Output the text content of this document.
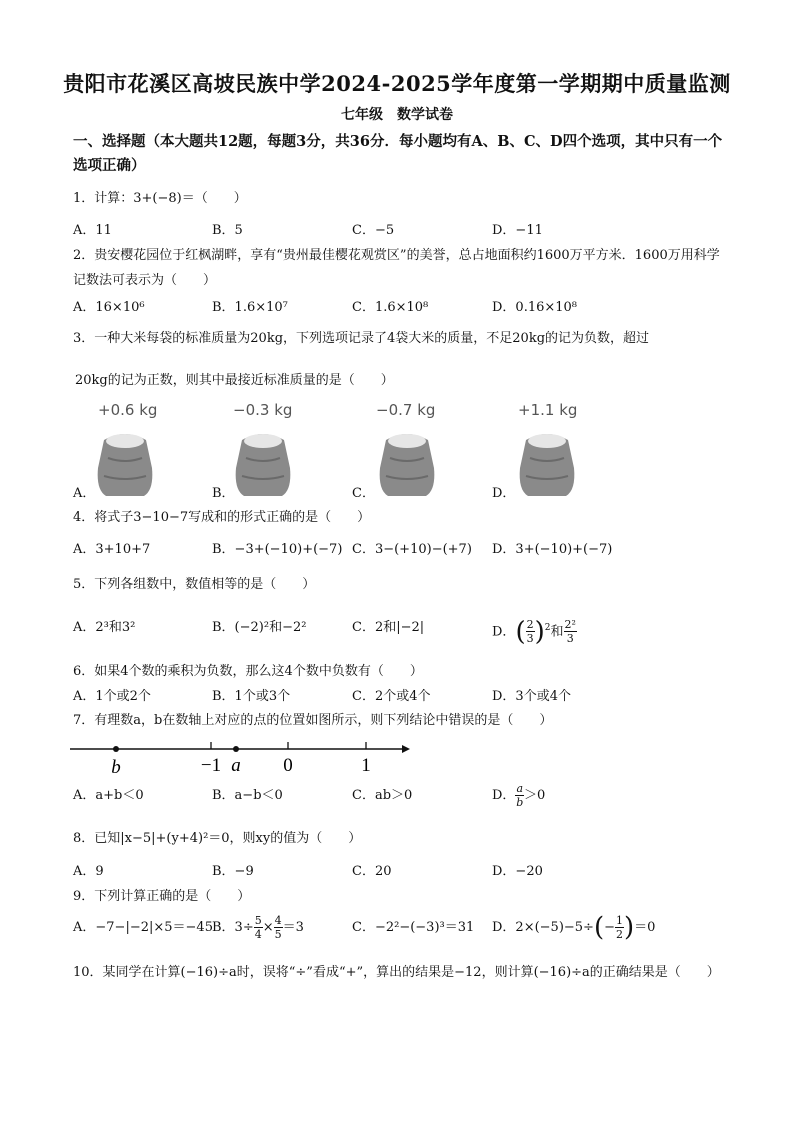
贵阳市花溪区高坡民族中学2024-2025学年度第一学期期中质量监测
七年级　数学试卷
一、选择题（本大题共12题，每题3分，共36分．每小题均有A、B、C、D四个选项，其中只有一个选项正确）
1．计算：3+(−8)＝（　　）
A．11	B．5	C．−5	D．−11
2．贵安樱花园位于红枫湖畔，享有“贵州最佳樱花观赏区”的美誉，总占地面积约1600万平方米．1600万用科学记数法可表示为（　　）
A．16×10⁶	B．1.6×10⁷	C．1.6×10⁸	D．0.16×10⁸
3．一种大米每袋的标准质量为20kg，下列选项记录了4袋大米的质量，不足20kg的记为负数，超过
20kg的记为正数，则其中最接近标准质量的是（　　）
+0.6 kg	−0.3 kg	−0.7 kg	+1.1 kg
A．	B．	C．	D．
4．将式子3−10−7写成和的形式正确的是（　　）
A．3+10+7	B．−3+(−10)+(−7) C．3−(+10)−(+7) D．3+(−10)+(−7)
5．下列各组数中，数值相等的是（　　）
A．2³和3²	B．(−2)²和−2²	C．2和|−2|	D．( $\frac{2}{3} )^2$和 $\frac{\text{2²}}{3}$
6．如果4个数的乘积为负数，那么这4个数中负数有（　　）
A．1个或2个	B．1个或3个	C．2个或4个	D．3个或4个
7．有理数a，b在数轴上对应的点的位置如图所示，则下列结论中错误的是（　　）
b	−1 a 0	1
A．a+b＜0	B．a−b＜0	C．ab＞0	D． $\frac{a}{b} >0$
8．已知|x−5|+(y+4)²＝0，则xy的值为（　　）
A．9	B．−9	C．20	D．−20
9．下列计算正确的是（　　）
A．−7−|−2|×5＝−45 B．$3\div \frac{5}{4} \times \frac{4}{5} =3$	C．−2²−(−3)³＝31 D．$2\times(-5)-5\div(- \frac{1}{2} )=0$
10．某同学在计算(−16)÷a时，误将“÷”看成“+”，算出的结果是−12，则计算(−16)÷a的正确结果是（　　）
